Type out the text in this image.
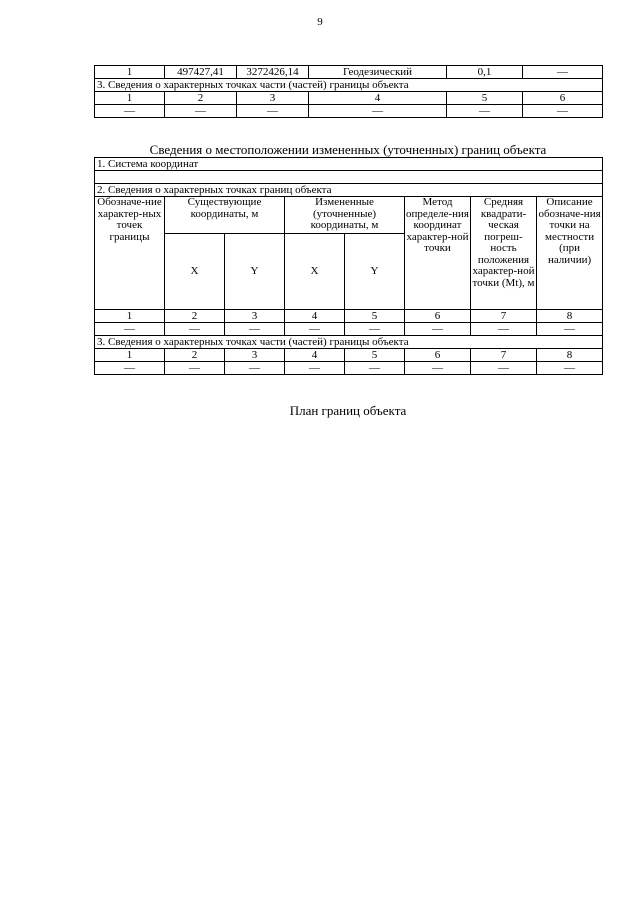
9
1	497427,41	3272426,14	Геодезический	0,1	—
3. Сведения о характерных точках части (частей) границы объекта					
1	2	3	4	5	6
—	—	—	—	—	—
Сведения о местоположении измененных (уточненных) границ объекта
1. Система координат							

2. Сведения о характерных точках границ объекта							
Обозначе-ние характер-ных точек границы	Существующие координаты, м		Измененные (уточненные) координаты, м		Метод определе-ния координат характер-ной точки	Средняя квадрати-ческая погреш-ность положения характер-ной точки (Mt), м	Описание обозначе-ния точки на местности (при наличии)
	X	Y	X	Y			
1	2	3	4	5	6	7	8
—	—	—	—	—	—	—	—
3. Сведения о характерных точках части (частей) границы объекта							
1	2	3	4	5	6	7	8
—	—	—	—	—	—	—	—
План границ объекта
